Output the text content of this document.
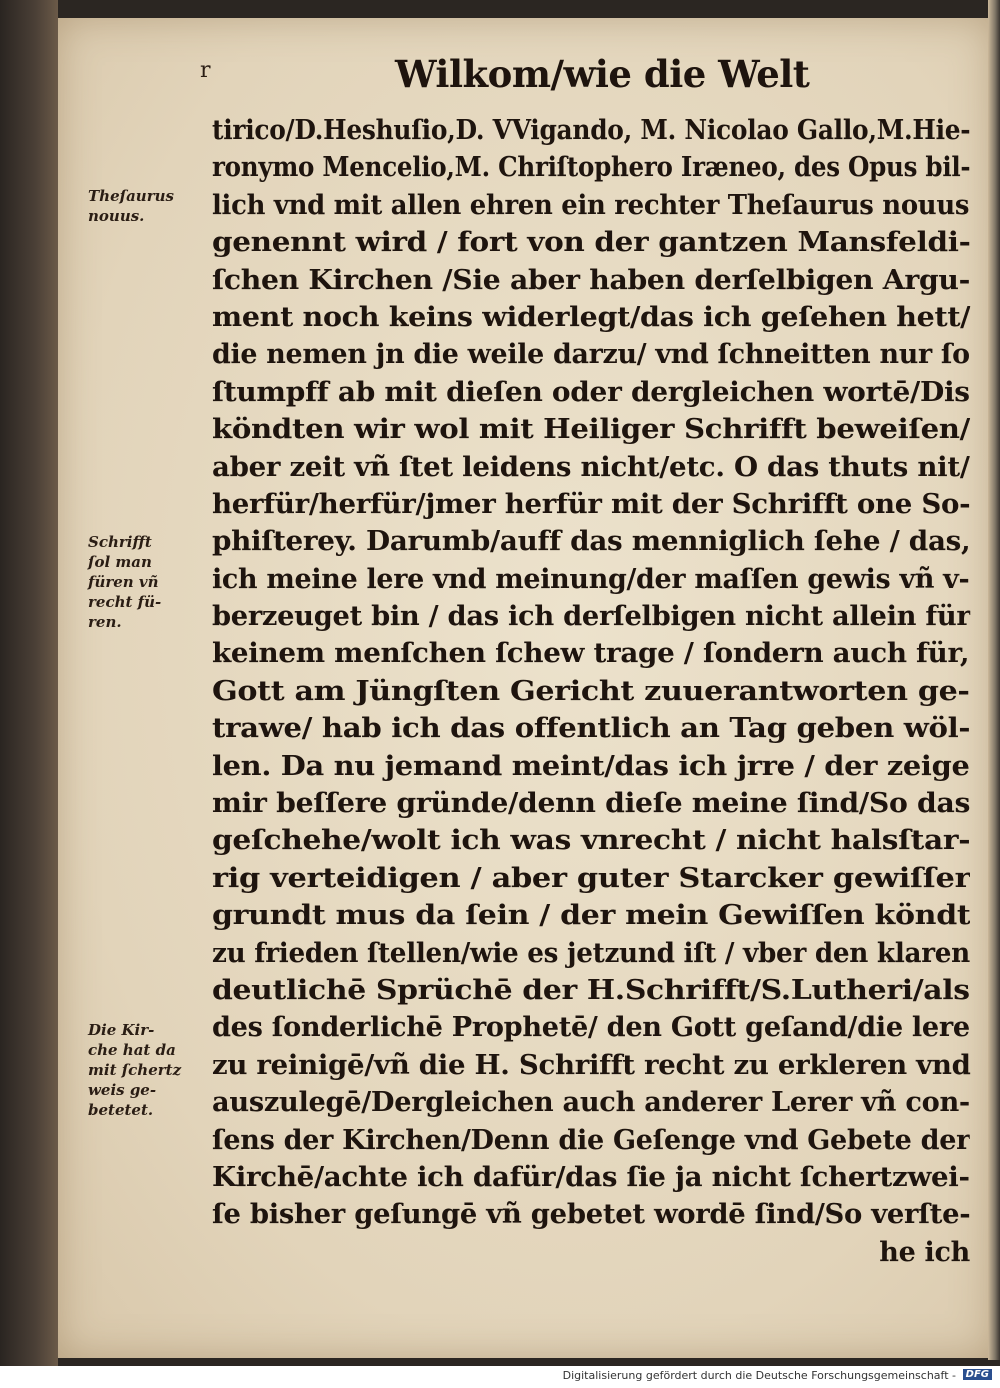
r	Wilkom/wie die Welt
tirico/D.Heshuſio,D. VVigando, M. Nicolao Gallo,M.Hie-
ronymo Mencelio,M. Chriſtophero Iræneo, des Opus bil-
lich vnd mit allen ehren ein rechter Theſaurus nouus
genennt wird / fort von der gantzen Mansfeldi-
ſchen Kirchen /Sie aber haben derſelbigen Argu-
ment noch keins widerlegt/das ich geſehen hett/
die nemen jn die weile darzu/ vnd ſchneitten nur ſo
ſtumpff ab mit dieſen oder dergleichen wortē/Dis
köndten wir wol mit Heiliger Schrifft beweiſen/
aber zeit vñ ſtet leidens nicht/etc. O das thuts nit/
herfür/herfür/jmer herfür mit der Schrifft one So-
phiſterey. Darumb/auff das menniglich ſehe / das,
ich meine lere vnd meinung/der maſſen gewis vñ v-
berzeuget bin / das ich derſelbigen nicht allein für
keinem menſchen ſchew trage / ſondern auch für,
Gott am Jüngſten Gericht zuuerantworten ge-
trawe/ hab ich das offentlich an Tag geben wöl-
len. Da nu jemand meint/das ich jrre / der zeige
mir beſſere gründe/denn dieſe meine ſind/So das
geſchehe/wolt ich was vnrecht / nicht halsſtar-
rig verteidigen / aber guter Starcker gewiſſer
grundt mus da ſein / der mein Gewiſſen köndt
zu frieden ſtellen/wie es jetzund iſt / vber den klaren
deutlichē Sprüchē der H.Schrifft/S.Lutheri/als
des ſonderlichē Prophetē/ den Gott geſand/die lere
zu reinigē/vñ die H. Schrifft recht zu erkleren vnd
auszulegē/Dergleichen auch anderer Lerer vñ con-
ſens der Kirchen/Denn die Geſenge vnd Gebete der
Kirchē/achte ich dafür/das ſie ja nicht ſchertzwei-
ſe bisher geſungē vñ gebetet wordē ſind/So verſte-
he ich
Theſaurus
nouus.
Schrifft
ſol man
füren vñ
recht fü-
ren.
Die Kir-
che hat da
mit ſchertz
weis ge-
betetet.
Digitalisierung gefördert durch die Deutsche Forschungsgemeinschaft - DFG
